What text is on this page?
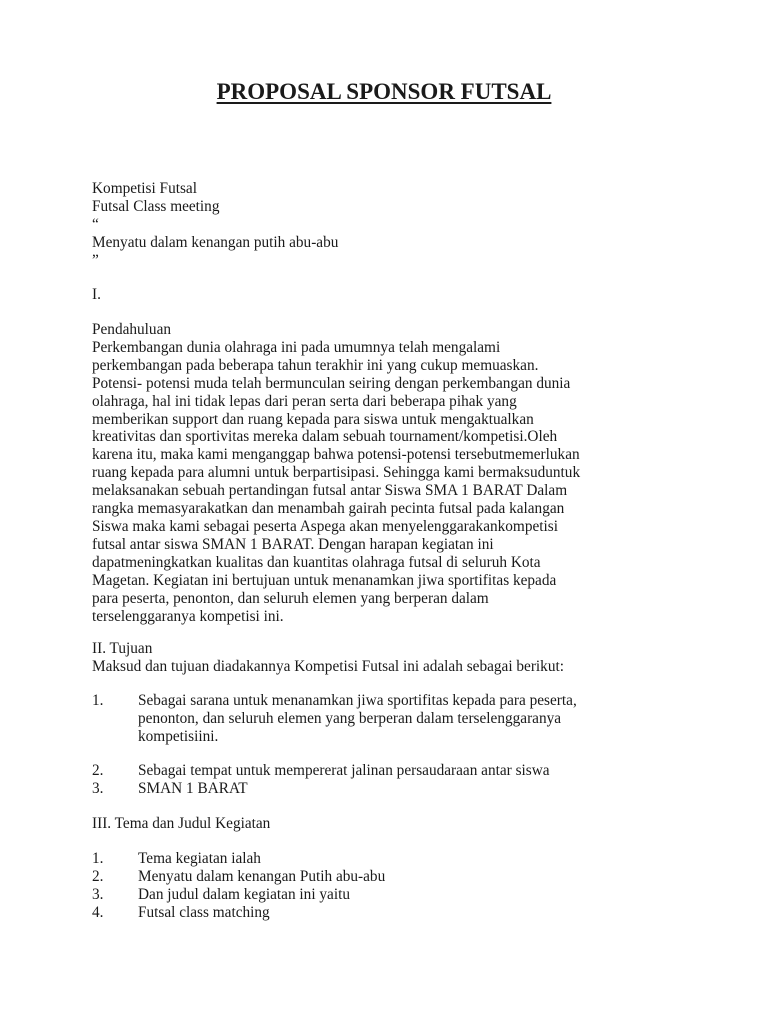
PROPOSAL SPONSOR FUTSAL

Kompetisi Futsal

Futsal Class meeting

“

Menyatu dalam kenangan putih abu-abu

”

I.

Pendahuluan

Perkembangan dunia olahraga ini pada umumnya telah mengalami

perkembangan pada beberapa tahun terakhir ini yang cukup memuaskan.

Potensi- potensi muda telah bermunculan seiring dengan perkembangan dunia

olahraga, hal ini tidak lepas dari peran serta dari beberapa pihak yang

memberikan support dan ruang kepada para siswa untuk mengaktualkan

kreativitas dan sportivitas mereka dalam sebuah tournament/kompetisi.Oleh

karena itu, maka kami menganggap bahwa potensi-potensi tersebutmemerlukan

ruang kepada para alumni untuk berpartisipasi. Sehingga kami bermaksuduntuk

melaksanakan sebuah pertandingan futsal antar Siswa SMA 1 BARAT Dalam

rangka memasyarakatkan dan menambah gairah pecinta futsal pada kalangan

Siswa maka kami sebagai peserta Aspega akan menyelenggarakankompetisi

futsal antar siswa SMAN 1 BARAT. Dengan harapan kegiatan ini

dapatmeningkatkan kualitas dan kuantitas olahraga futsal di seluruh Kota

Magetan. Kegiatan ini bertujuan untuk menanamkan jiwa sportifitas kepada

para peserta, penonton, dan seluruh elemen yang berperan dalam

terselenggaranya kompetisi ini.

II. Tujuan

Maksud dan tujuan diadakannya Kompetisi Futsal ini adalah sebagai berikut:

1.	Sebagai sarana untuk menanamkan jiwa sportifitas kepada para peserta,

penonton, dan seluruh elemen yang berperan dalam terselenggaranya

kompetisiini.

2.	Sebagai tempat untuk mempererat jalinan persaudaraan antar siswa

3.	SMAN 1 BARAT

III. Tema dan Judul Kegiatan

1.	Tema kegiatan ialah

2.	Menyatu dalam kenangan Putih abu-abu

3.	Dan judul dalam kegiatan ini yaitu

4.	Futsal class matching
